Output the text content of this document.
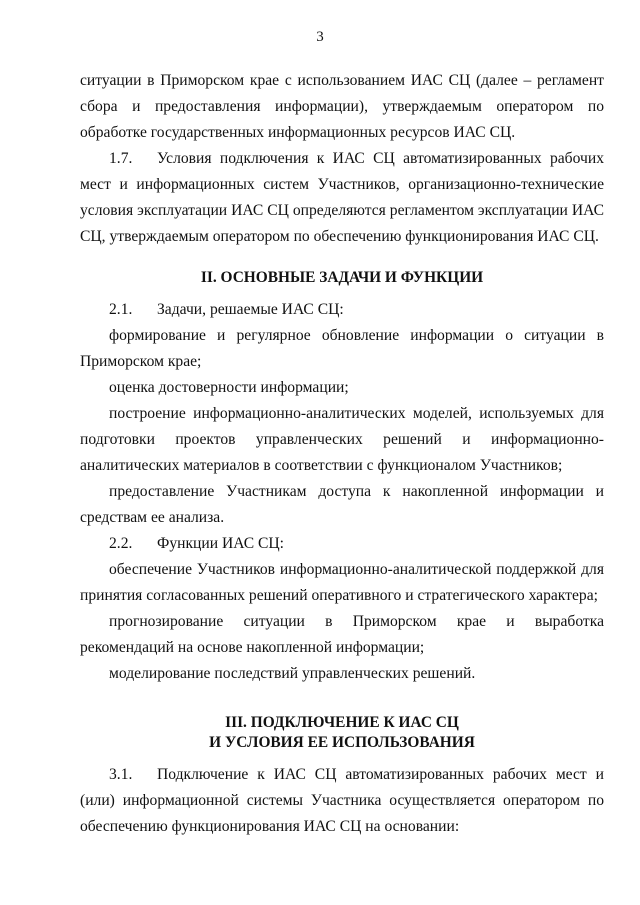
3

ситуации в Приморском крае с использованием ИАС СЦ (далее – регламент сбора и предоставления информации), утверждаемым оператором по обработке государственных информационных ресурсов ИАС СЦ.

1.7. Условия подключения к ИАС СЦ автоматизированных рабочих мест и информационных систем Участников, организационно-технические условия эксплуатации ИАС СЦ определяются регламентом эксплуатации ИАС СЦ, утверждаемым оператором по обеспечению функционирования ИАС СЦ.

II. ОСНОВНЫЕ ЗАДАЧИ И ФУНКЦИИ

2.1. Задачи, решаемые ИАС СЦ:

формирование и регулярное обновление информации о ситуации в Приморском крае;

оценка достоверности информации;

построение информационно-аналитических моделей, используемых для подготовки проектов управленческих решений и информационно-аналитических материалов в соответствии с функционалом Участников;

предоставление Участникам доступа к накопленной информации и средствам ее анализа.

2.2. Функции ИАС СЦ:

обеспечение Участников информационно-аналитической поддержкой для принятия согласованных решений оперативного и стратегического характера;

прогнозирование ситуации в Приморском крае и выработка рекомендаций на основе накопленной информации;

моделирование последствий управленческих решений.

III. ПОДКЛЮЧЕНИЕ К ИАС СЦ
И УСЛОВИЯ ЕЕ ИСПОЛЬЗОВАНИЯ

3.1. Подключение к ИАС СЦ автоматизированных рабочих мест и (или) информационной системы Участника осуществляется оператором по обеспечению функционирования ИАС СЦ на основании:
